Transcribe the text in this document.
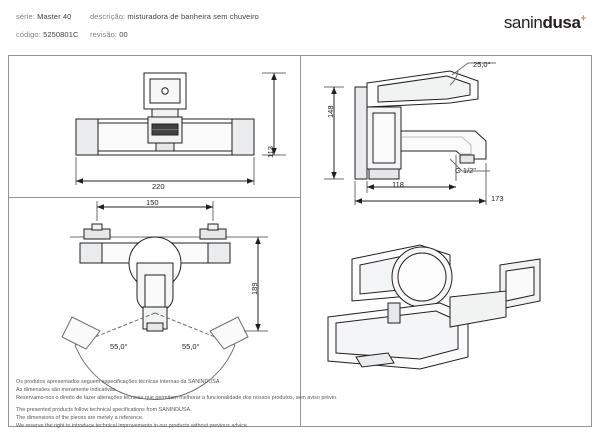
série: Master 40 descrição: misturadora de banheira sem chuveiro
código: 5250801C revisão: 00
sanindusa+
220
113
148
118
173
25,0°
G 1/2"
150
189
55,0°	55,0°
Os produtos apresentados seguem especificações técnicas internas da SANINDUSA.
As dimensões são meramente indicativas.
Reservamo-nos o direito de fazer alterações técnicas que permitam melhorar a funcionalidade dos nossos produtos, sem aviso prévio.
The presented products follow technical specifications from SANINDUSA.
The dimensions of the pieces are merely a reference.
We reserve the right to introduce technical improvements in our products without previous advice.
